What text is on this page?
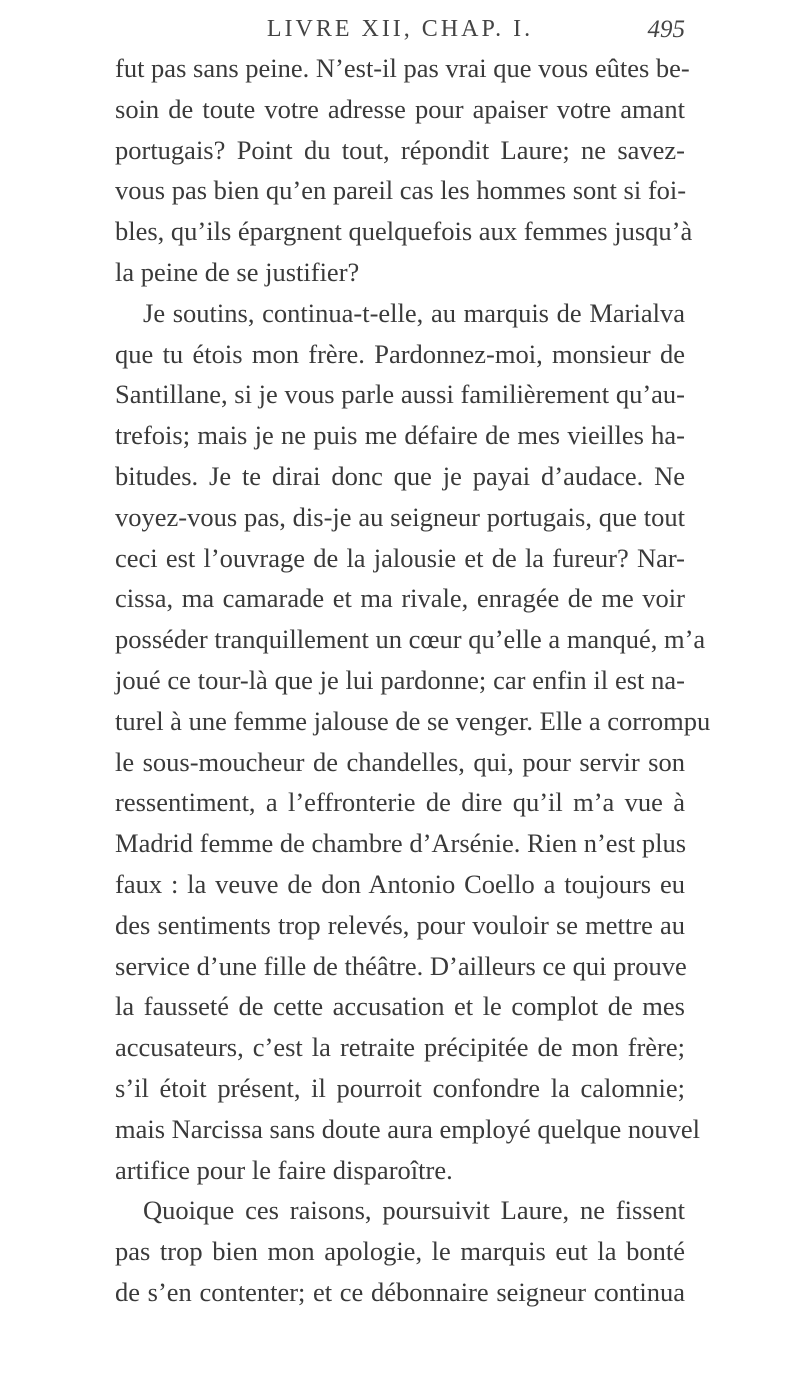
LIVRE XII, CHAP. I.	495
fut pas sans peine. N’est-il pas vrai que vous eûtes be-
soin de toute votre adresse pour apaiser votre amant
portugais? Point du tout, répondit Laure; ne savez-
vous pas bien qu’en pareil cas les hommes sont si foi-
bles, qu’ils épargnent quelquefois aux femmes jusqu’à
la peine de se justifier?
Je soutins, continua-t-elle, au marquis de Marialva
que tu étois mon frère. Pardonnez-moi, monsieur de
Santillane, si je vous parle aussi familièrement qu’au-
trefois; mais je ne puis me défaire de mes vieilles ha-
bitudes. Je te dirai donc que je payai d’audace. Ne
voyez-vous pas, dis-je au seigneur portugais, que tout
ceci est l’ouvrage de la jalousie et de la fureur? Nar-
cissa, ma camarade et ma rivale, enragée de me voir
posséder tranquillement un cœur qu’elle a manqué, m’a
joué ce tour-là que je lui pardonne; car enfin il est na-
turel à une femme jalouse de se venger. Elle a corrompu
le sous-moucheur de chandelles, qui, pour servir son
ressentiment, a l’effronterie de dire qu’il m’a vue à
Madrid femme de chambre d’Arsénie. Rien n’est plus
faux : la veuve de don Antonio Coello a toujours eu
des sentiments trop relevés, pour vouloir se mettre au
service d’une fille de théâtre. D’ailleurs ce qui prouve
la fausseté de cette accusation et le complot de mes
accusateurs, c’est la retraite précipitée de mon frère;
s’il étoit présent, il pourroit confondre la calomnie;
mais Narcissa sans doute aura employé quelque nouvel
artifice pour le faire disparoître.
Quoique ces raisons, poursuivit Laure, ne fissent
pas trop bien mon apologie, le marquis eut la bonté
de s’en contenter; et ce débonnaire seigneur continua
